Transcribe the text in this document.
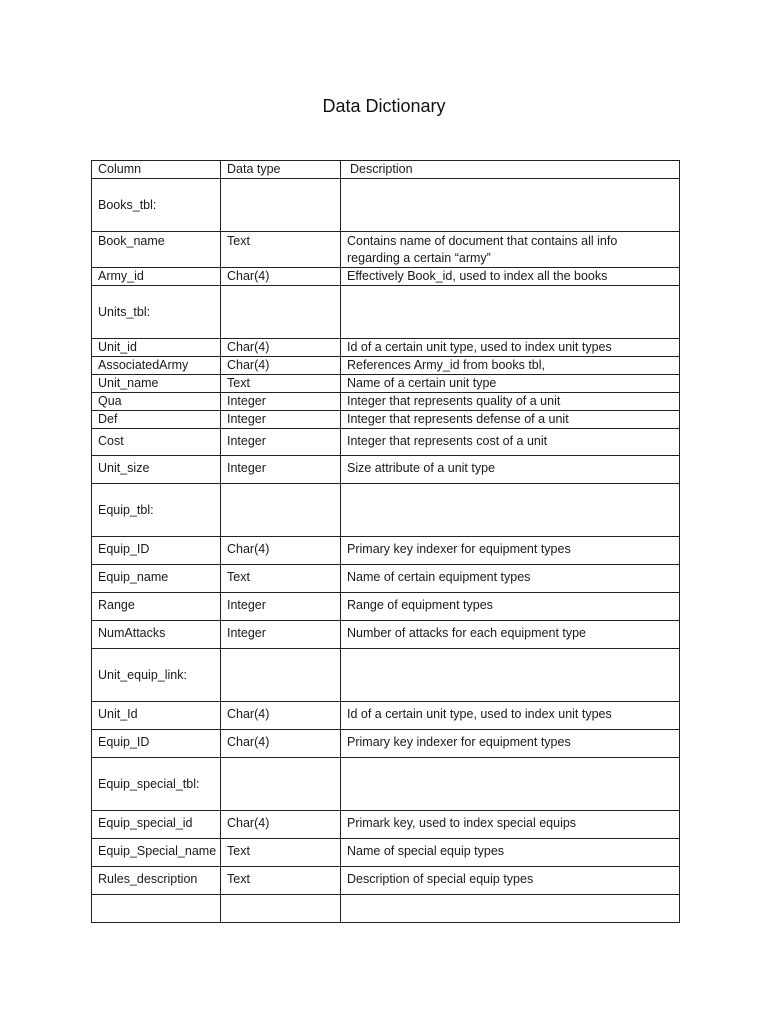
Data Dictionary
Column	Data type	Description
Books_tbl:		
Book_name	Text	Contains name of document that contains all info regarding a certain “army”
Army_id	Char(4)	Effectively Book_id, used to index all the books
Units_tbl:		
Unit_id	Char(4)	Id of a certain unit type, used to index unit types
AssociatedArmy	Char(4)	References Army_id from books tbl,
Unit_name	Text	Name of a certain unit type
Qua	Integer	Integer that represents quality of a unit
Def	Integer	Integer that represents defense of a unit
Cost	Integer	Integer that represents cost of a unit
Unit_size	Integer	Size attribute of a unit type
Equip_tbl:		
Equip_ID	Char(4)	Primary key indexer for equipment types
Equip_name	Text	Name of certain equipment types
Range	Integer	Range of equipment types
NumAttacks	Integer	Number of attacks for each equipment type
Unit_equip_link:		
Unit_Id	Char(4)	Id of a certain unit type, used to index unit types
Equip_ID	Char(4)	Primary key indexer for equipment types
Equip_special_tbl:		
Equip_special_id	Char(4)	Primark key, used to index special equips
Equip_Special_name	Text	Name of special equip types
Rules_description	Text	Description of special equip types
